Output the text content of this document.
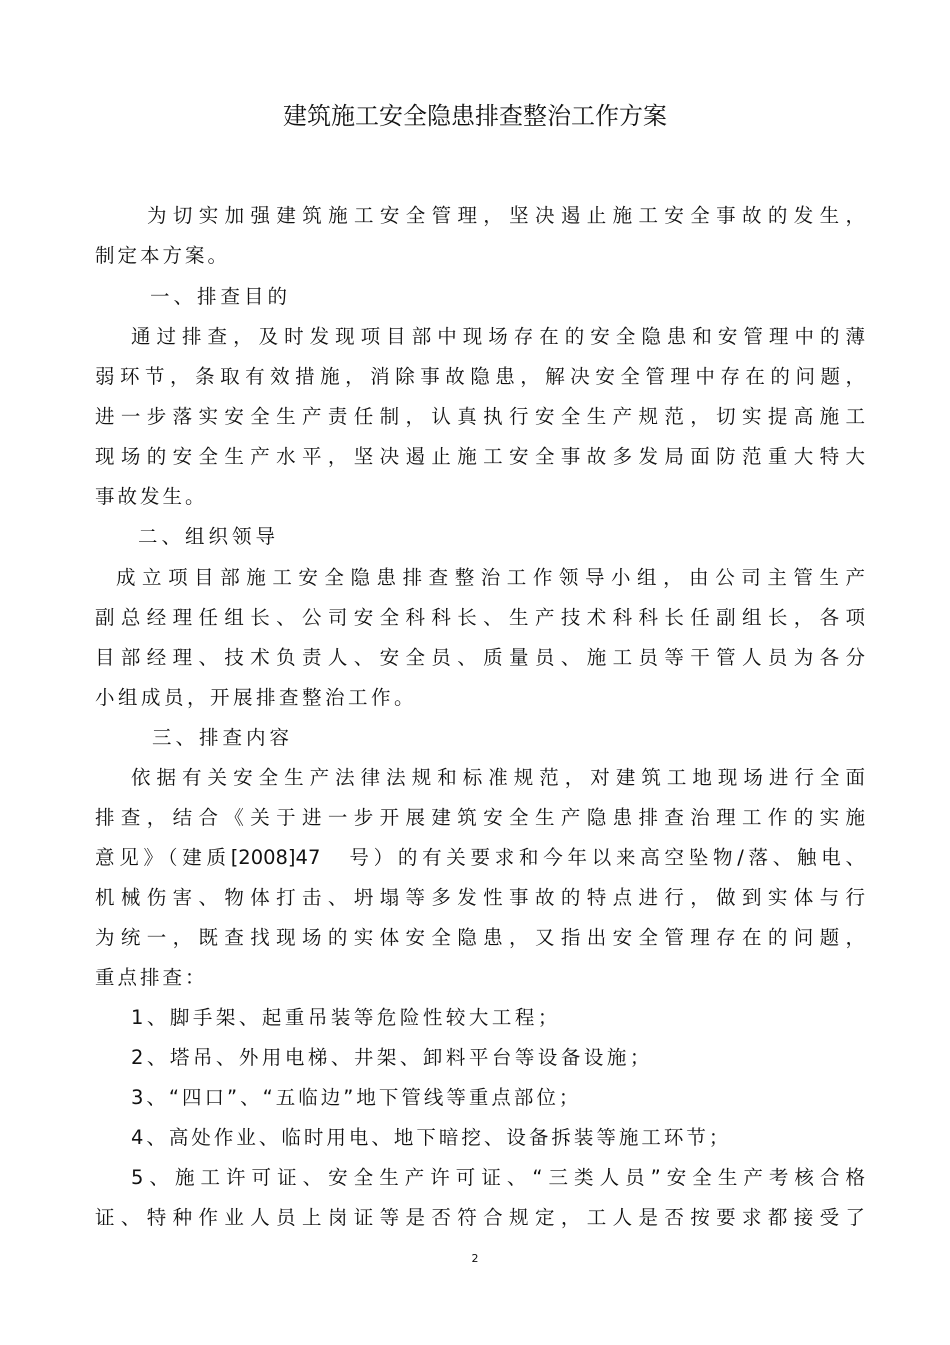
建筑施工安全隐患排查整治工作方案
为切实加强建筑施工安全管理，坚决遏止施工安全事故的发生，
制定本方案。
一、排查目的
通过排查，及时发现项目部中现场存在的安全隐患和安管理中的薄
弱环节，条取有效措施，消除事故隐患，解决安全管理中存在的问题，
进一步落实安全生产责任制，认真执行安全生产规范，切实提高施工
现场的安全生产水平，坚决遏止施工安全事故多发局面防范重大特大
事故发生。
二、组织领导
成立项目部施工安全隐患排查整治工作领导小组，由公司主管生产
副总经理任组长、公司安全科科长、生产技术科科长任副组长，各项
目部经理、技术负责人、安全员、质量员、施工员等干管人员为各分
小组成员，开展排查整治工作。
三、排查内容
依据有关安全生产法律法规和标准规范，对建筑工地现场进行全面
排查，结合《关于进一步开展建筑安全生产隐患排查治理工作的实施
意见》（建质[2008]47　号）的有关要求和今年以来高空坠物/落、触电、
机械伤害、物体打击、坍塌等多发性事故的特点进行，做到实体与行
为统一，既查找现场的实体安全隐患，又指出安全管理存在的问题，
重点排查：
1、脚手架、起重吊装等危险性较大工程；
2、塔吊、外用电梯、井架、卸料平台等设备设施；
3、“四口”、“五临边”地下管线等重点部位；
4、高处作业、临时用电、地下暗挖、设备拆装等施工环节；
5、施工许可证、安全生产许可证、“三类人员”安全生产考核合格
证、特种作业人员上岗证等是否符合规定，工人是否按要求都接受了
2
